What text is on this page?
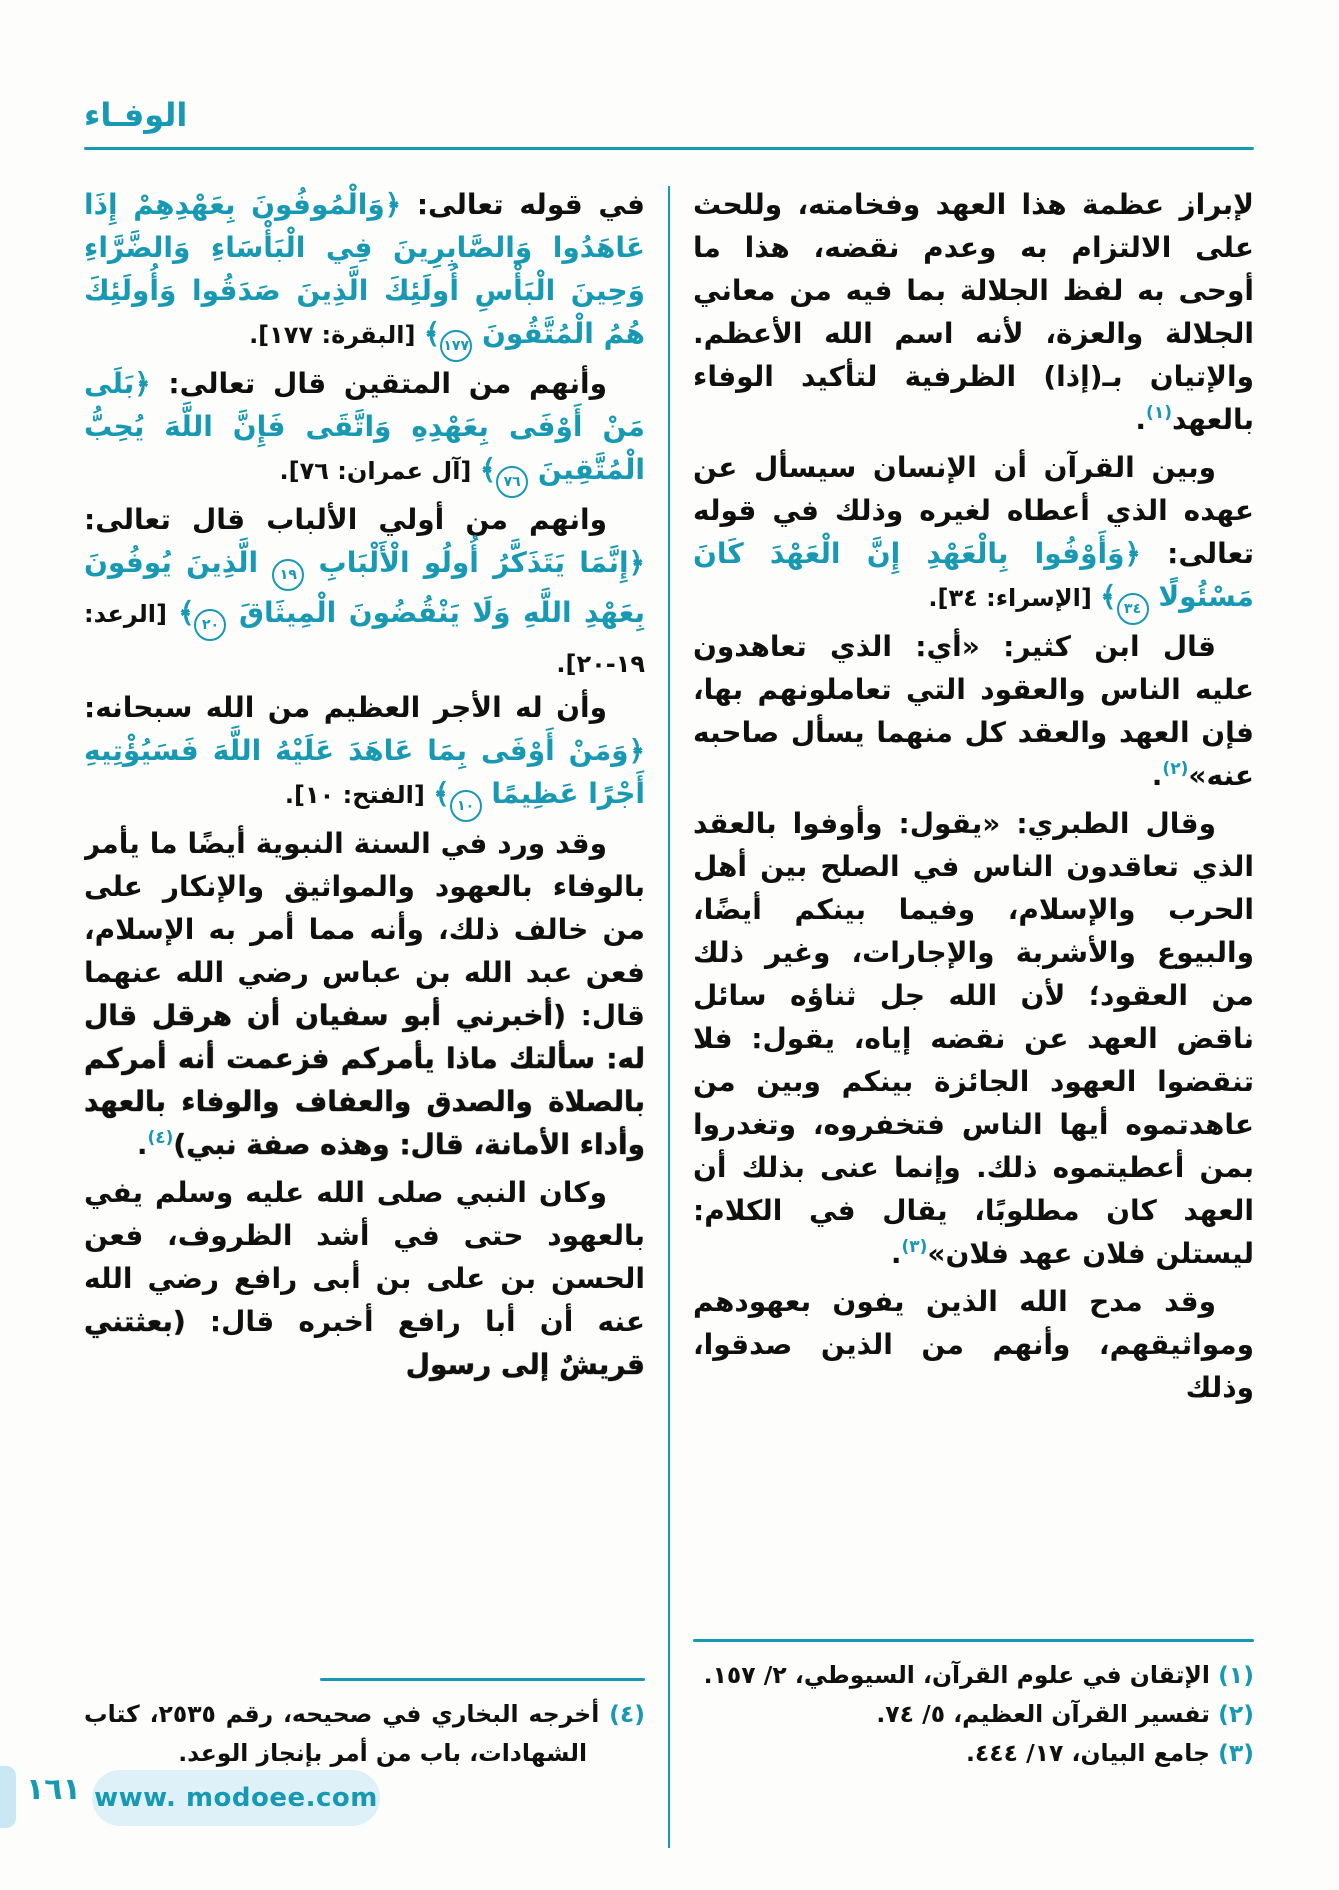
الوفـاء

لإبراز عظمة هذا العهد وفخامته، وللحث على الالتزام به وعدم نقضه، هذا ما أوحى به لفظ الجلالة بما فيه من معاني الجلالة والعزة، لأنه اسم الله الأعظم. والإتيان بـ(إذا) الظرفية لتأكيد الوفاء بالعهد(١).

وبين القرآن أن الإنسان سيسأل عن عهده الذي أعطاه لغيره وذلك في قوله تعالى: ﴿وَأَوْفُوا بِالْعَهْدِ إِنَّ الْعَهْدَ كَانَ مَسْئُولًا ٣٤﴾ [الإسراء: ٣٤].

قال ابن كثير: «أي: الذي تعاهدون عليه الناس والعقود التي تعاملونهم بها، فإن العهد والعقد كل منهما يسأل صاحبه عنه»(٢).

وقال الطبري: «يقول: وأوفوا بالعقد الذي تعاقدون الناس في الصلح بين أهل الحرب والإسلام، وفيما بينكم أيضًا، والبيوع والأشربة والإجارات، وغير ذلك من العقود؛ لأن الله جل ثناؤه سائل ناقض العهد عن نقضه إياه، يقول: فلا تنقضوا العهود الجائزة بينكم وبين من عاهدتموه أيها الناس فتخفروه، وتغدروا بمن أعطيتموه ذلك. وإنما عنى بذلك أن العهد كان مطلوبًا، يقال في الكلام: ليستلن فلان عهد فلان»(٣).

وقد مدح الله الذين يفون بعهودهم ومواثيقهم، وأنهم من الذين صدقوا، وذلك

(١) الإتقان في علوم القرآن، السيوطي، ٢/ ١٥٧.
(٢) تفسير القرآن العظيم، ٥/ ٧٤.
(٣) جامع البيان، ١٧/ ٤٤٤.

في قوله تعالى: ﴿وَالْمُوفُونَ بِعَهْدِهِمْ إِذَا عَاهَدُوا وَالصَّابِرِينَ فِي الْبَأْسَاءِ وَالضَّرَّاءِ وَحِينَ الْبَأْسِ أُولَئِكَ الَّذِينَ صَدَقُوا وَأُولَئِكَ هُمُ الْمُتَّقُونَ ١٧٧﴾ [البقرة: ١٧٧].

وأنهم من المتقين قال تعالى: ﴿بَلَى مَنْ أَوْفَى بِعَهْدِهِ وَاتَّقَى فَإِنَّ اللَّهَ يُحِبُّ الْمُتَّقِينَ ٧٦﴾ [آل عمران: ٧٦].

وانهم من أولي الألباب قال تعالى: ﴿إِنَّمَا يَتَذَكَّرُ أُولُو الْأَلْبَابِ ١٩ الَّذِينَ يُوفُونَ بِعَهْدِ اللَّهِ وَلَا يَنْقُضُونَ الْمِيثَاقَ ٢٠﴾ [الرعد: ١٩-٢٠].

وأن له الأجر العظيم من الله سبحانه: ﴿وَمَنْ أَوْفَى بِمَا عَاهَدَ عَلَيْهُ اللَّهَ فَسَيُؤْتِيهِ أَجْرًا عَظِيمًا ١٠﴾ [الفتح: ١٠].

وقد ورد في السنة النبوية أيضًا ما يأمر بالوفاء بالعهود والمواثيق والإنكار على من خالف ذلك، وأنه مما أمر به الإسلام، فعن عبد الله بن عباس رضي الله عنهما قال: (أخبرني أبو سفيان أن هرقل قال له: سألتك ماذا يأمركم فزعمت أنه أمركم بالصلاة والصدق والعفاف والوفاء بالعهد وأداء الأمانة، قال: وهذه صفة نبي)(٤).

وكان النبي صلى الله عليه وسلم يفي بالعهود حتى في أشد الظروف، فعن الحسن بن على بن أبى رافع رضي الله عنه أن أبا رافع أخبره قال: (بعثتني قريشٌ إلى رسول

(٤) أخرجه البخاري في صحيحه، رقم ٢٥٣٥، كتاب الشهادات، باب من أمر بإنجاز الوعد.
١٦١ www. modoee.com
